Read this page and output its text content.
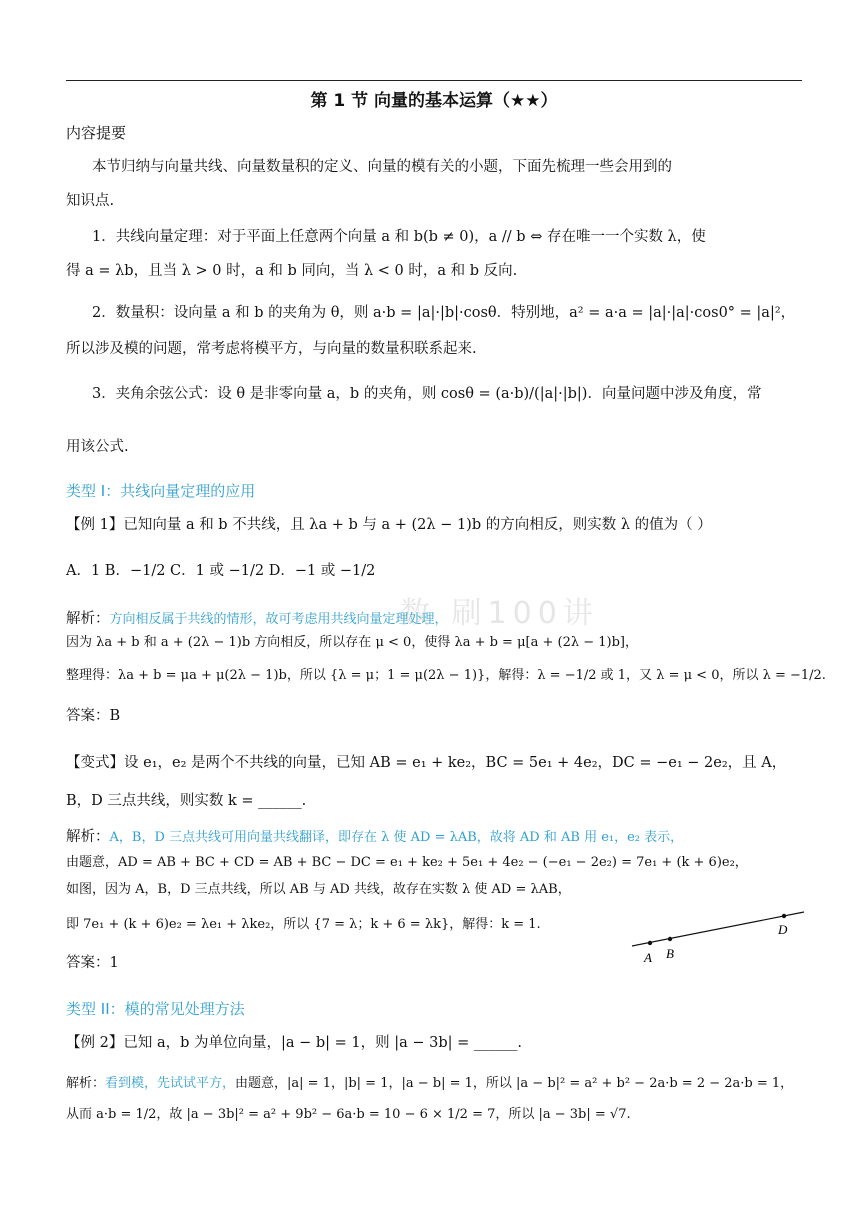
第 1 节 向量的基本运算（★★）
内容提要
本节归纳与向量共线、向量数量积的定义、向量的模有关的小题，下面先梳理一些会用到的
知识点.
1．共线向量定理：对于平面上任意两个向量 a 和 b(b ≠ 0)，a // b ⇔ 存在唯一一个实数 λ，使
得 a = λb，且当 λ > 0 时，a 和 b 同向，当 λ < 0 时，a 和 b 反向.
2．数量积：设向量 a 和 b 的夹角为 θ，则 a·b = |a|·|b|·cosθ．特别地，a² = a·a = |a|·|a|·cos0° = |a|²，
所以涉及模的问题，常考虑将模平方，与向量的数量积联系起来.
3．夹角余弦公式：设 θ 是非零向量 a，b 的夹角，则 cosθ = (a·b)/(|a|·|b|)．向量问题中涉及角度，常
用该公式.
类型 I：共线向量定理的应用
【例 1】已知向量 a 和 b 不共线，且 λa + b 与 a + (2λ − 1)b 的方向相反，则实数 λ 的值为（ ）
A．1 B．−1/2 C．1 或 −1/2 D．−1 或 −1/2
数 刷100讲
解析：方向相反属于共线的情形，故可考虑用共线向量定理处理，
因为 λa + b 和 a + (2λ − 1)b 方向相反，所以存在 μ < 0，使得 λa + b = μ[a + (2λ − 1)b]，
整理得：λa + b = μa + μ(2λ − 1)b，所以 {λ = μ；1 = μ(2λ − 1)}，解得：λ = −1/2 或 1，又 λ = μ < 0，所以 λ = −1/2.
答案：B
【变式】设 e₁，e₂ 是两个不共线的向量，已知 AB = e₁ + ke₂，BC = 5e₁ + 4e₂，DC = −e₁ − 2e₂，且 A，
B，D 三点共线，则实数 k = ______.
解析：A，B，D 三点共线可用向量共线翻译，即存在 λ 使 AD = λAB，故将 AD 和 AB 用 e₁，e₂ 表示，
由题意，AD = AB + BC + CD = AB + BC − DC = e₁ + ke₂ + 5e₁ + 4e₂ − (−e₁ − 2e₂) = 7e₁ + (k + 6)e₂，
如图，因为 A，B，D 三点共线，所以 AB 与 AD 共线，故存在实数 λ 使 AD = λAB，
即 7e₁ + (k + 6)e₂ = λe₁ + λke₂，所以 {7 = λ；k + 6 = λk}，解得：k = 1.
答案：1	A B
D
类型 II：模的常见处理方法
【例 2】已知 a，b 为单位向量，|a − b| = 1，则 |a − 3b| = ______.
解析：看到模，先试试平方，由题意，|a| = 1，|b| = 1，|a − b| = 1，所以 |a − b|² = a² + b² − 2a·b = 2 − 2a·b = 1，
从而 a·b = 1/2，故 |a − 3b|² = a² + 9b² − 6a·b = 10 − 6 × 1/2 = 7，所以 |a − 3b| = √7.
